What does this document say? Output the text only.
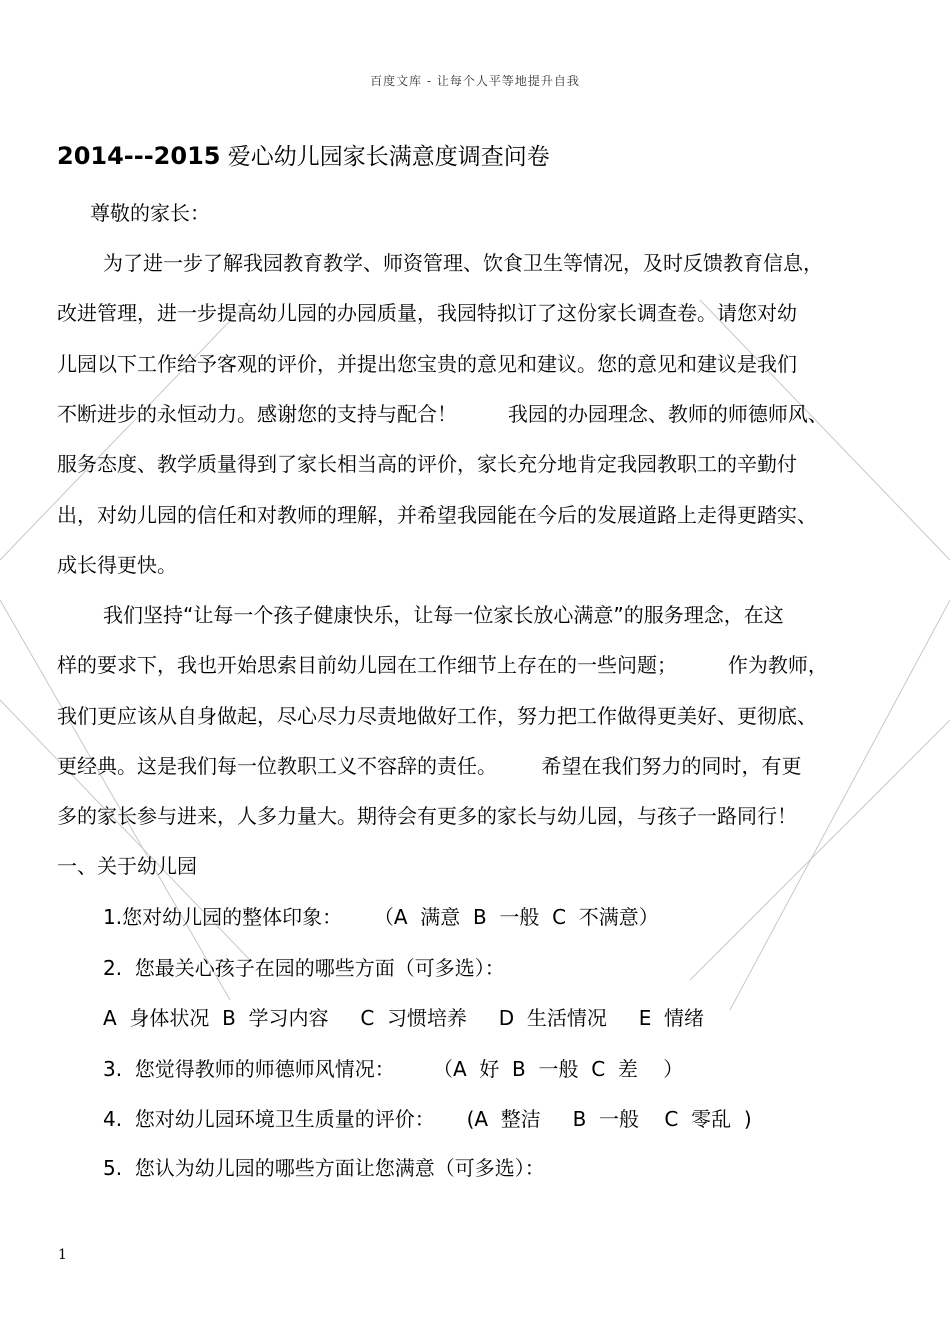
百度文库 - 让每个人平等地提升自我
2014---2015 爱心幼儿园家长满意度调查问卷
尊敬的家长：
为了进一步了解我园教育教学、师资管理、饮食卫生等情况，及时反馈教育信息，
改进管理，进一步提高幼儿园的办园质量，我园特拟订了这份家长调查卷。请您对幼
儿园以下工作给予客观的评价，并提出您宝贵的意见和建议。您的意见和建议是我们
不断进步的永恒动力。感谢您的支持与配合！        我园的办园理念、教师的师德师风、
服务态度、教学质量得到了家长相当高的评价，家长充分地肯定我园教职工的辛勤付
出，对幼儿园的信任和对教师的理解，并希望我园能在今后的发展道路上走得更踏实、
成长得更快。
我们坚持“让每一个孩子健康快乐，让每一位家长放心满意”的服务理念，在这
样的要求下，我也开始思索目前幼儿园在工作细节上存在的一些问题；        作为教师，
我们更应该从自身做起，尽心尽力尽责地做好工作，努力把工作做得更美好、更彻底、
更经典。这是我们每一位教职工义不容辞的责任。       希望在我们努力的同时，有更
多的家长参与进来，人多力量大。期待会有更多的家长与幼儿园，与孩子一路同行！
一、关于幼儿园
1.您对幼儿园的整体印象：     （A  满意  B  一般  C  不满意）
2.  您最关心孩子在园的哪些方面（可多选）：
A  身体状况  B  学习内容     C  习惯培养     D  生活情况     E  情绪
3.  您觉得教师的师德师风情况：      （A  好  B  一般  C  差    ）
4.  您对幼儿园环境卫生质量的评价：     (A  整洁     B  一般    C  零乱  )
5.  您认为幼儿园的哪些方面让您满意（可多选）：
1
